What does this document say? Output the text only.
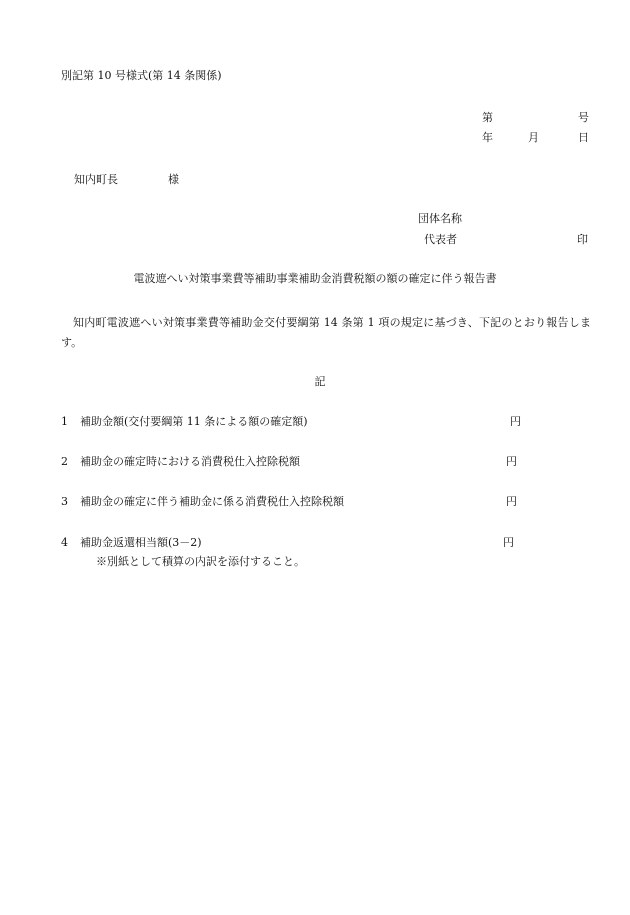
別記第 10 号様式(第 14 条関係)
第	号
年	月	日
知内町長	様
団体名称
代表者	印
電波遮へい対策事業費等補助事業補助金消費税額の額の確定に伴う報告書
知内町電波遮へい対策事業費等補助金交付要綱第 14 条第 1 項の規定に基づき、下記のとおり報告します。
記
1 補助金額(交付要綱第 11 条による額の確定額)	円
2 補助金の確定時における消費税仕入控除税額	円
3 補助金の確定に伴う補助金に係る消費税仕入控除税額	円
4 補助金返還相当額(3－2)	円
※別紙として積算の内訳を添付すること。
